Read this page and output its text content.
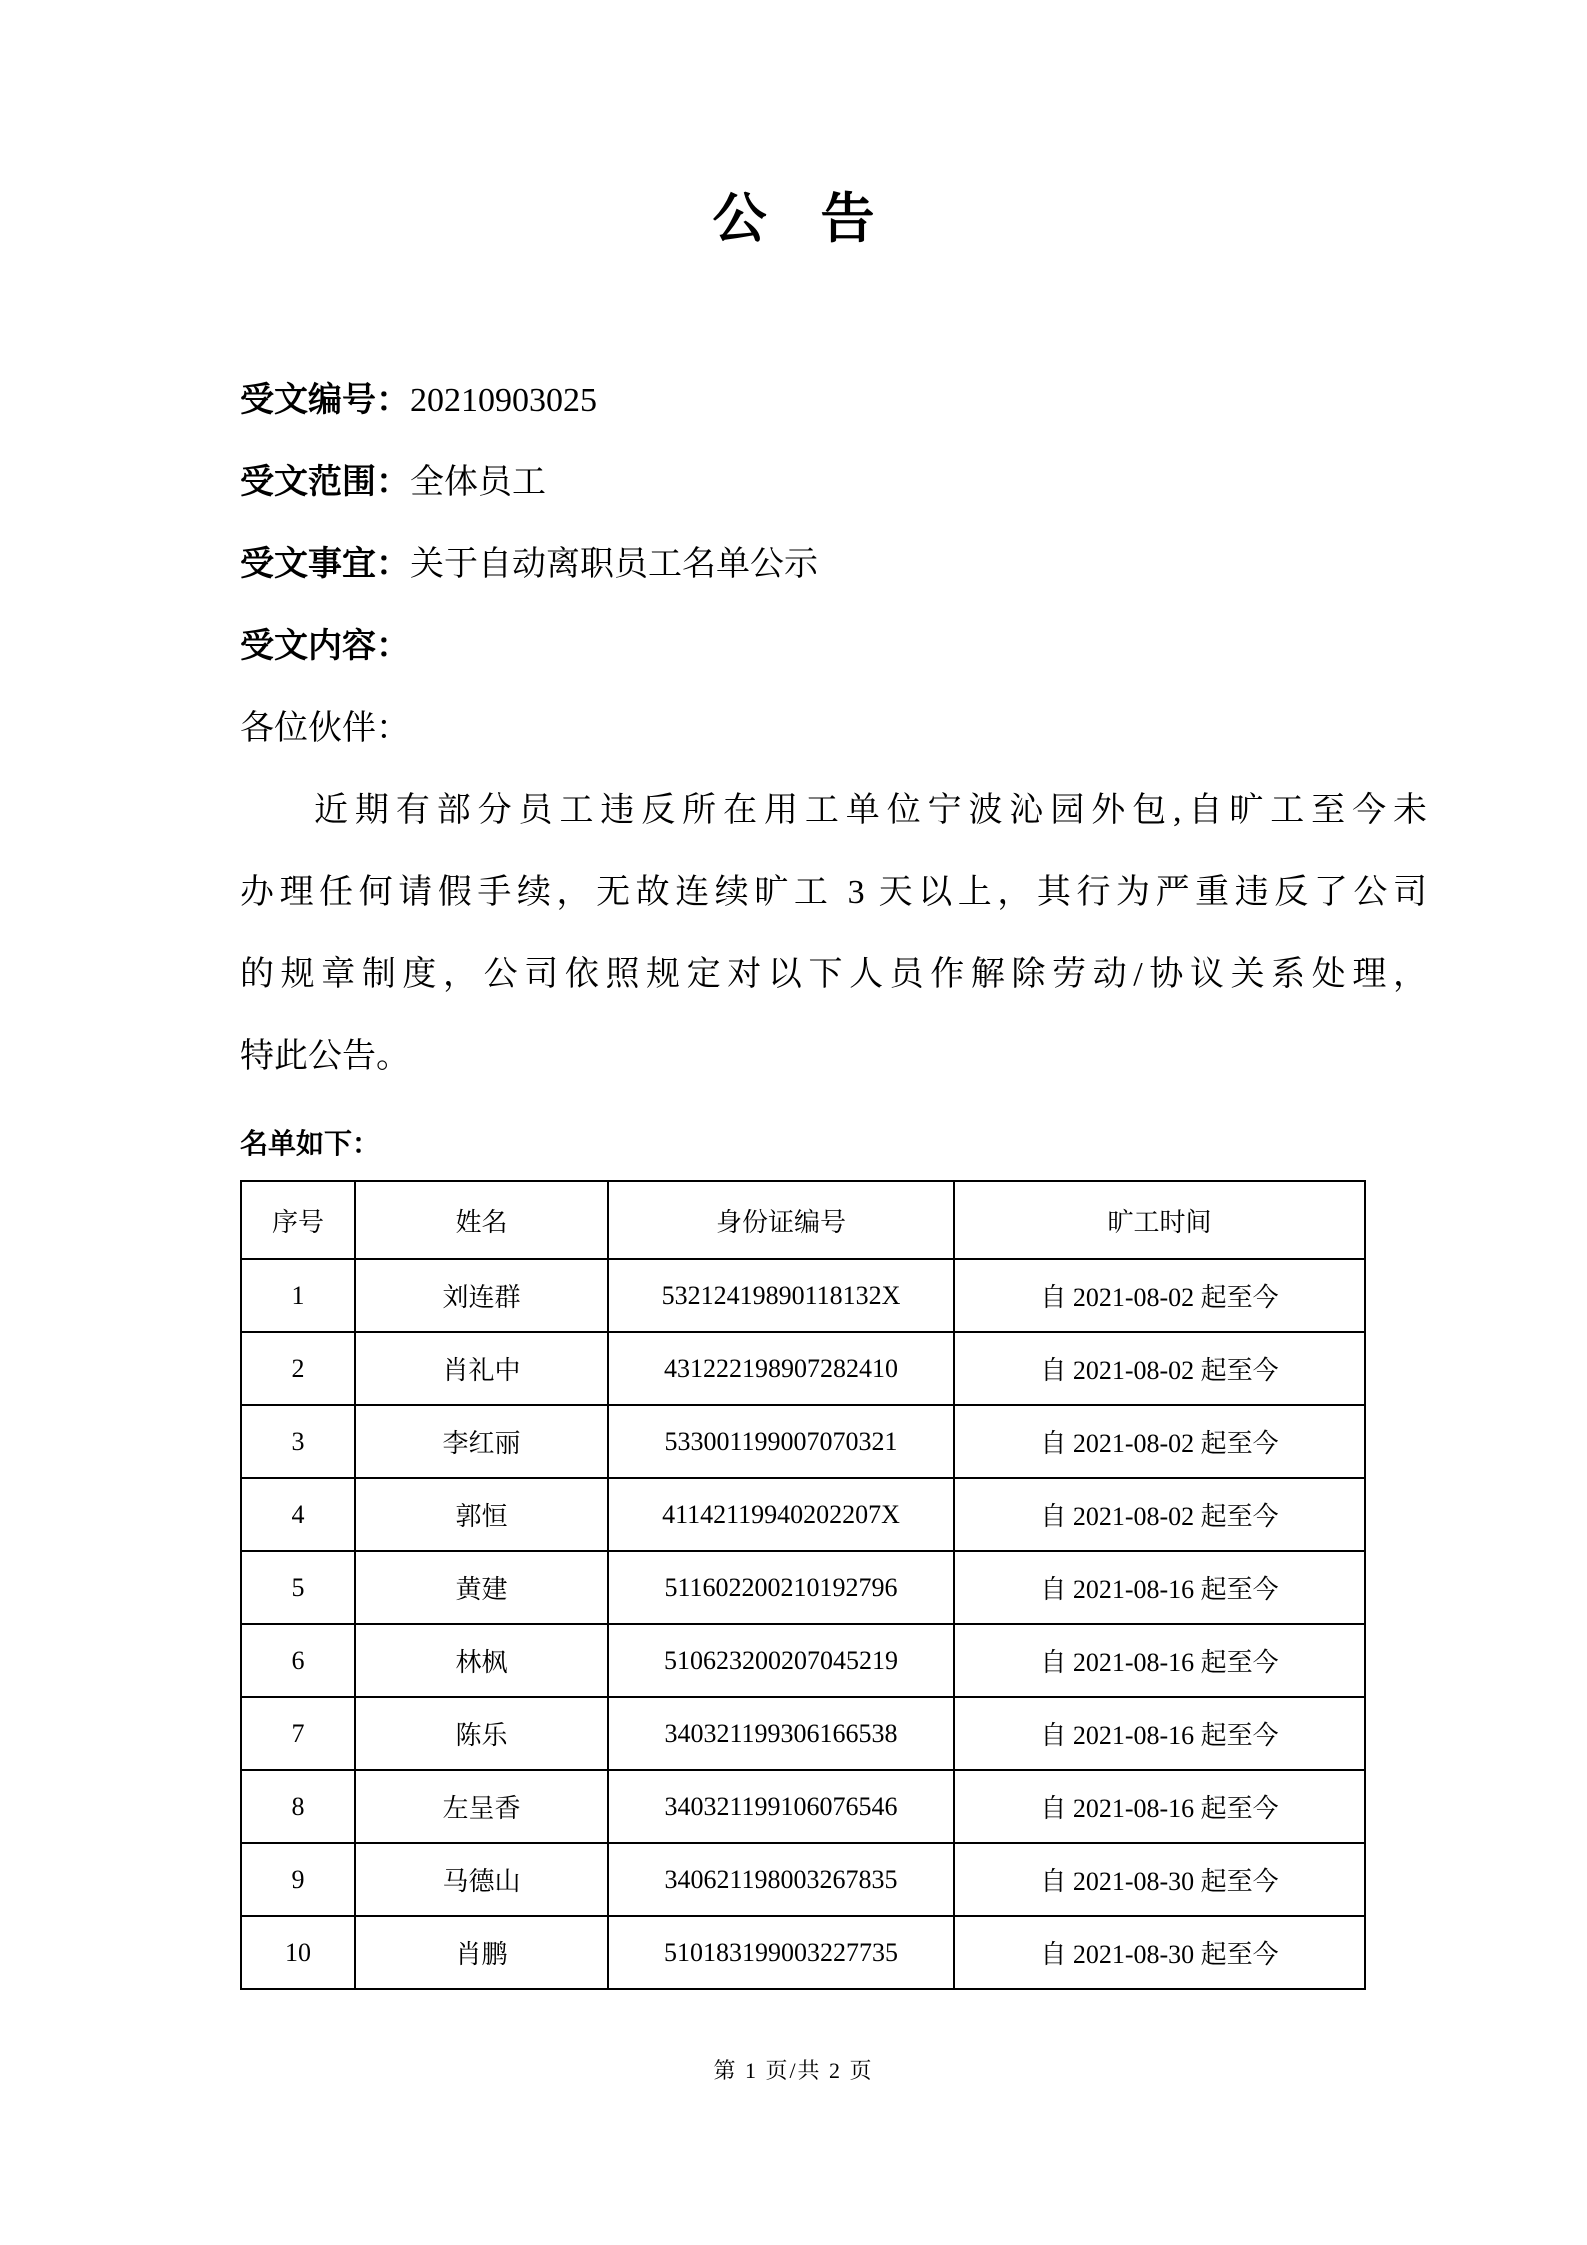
公　告
受文编号：20210903025
受文范围：全体员工
受文事宜：关于自动离职员工名单公示
受文内容：
各位伙伴：
近期有部分员工违反所在用工单位宁波沁园外包,自旷工至今未
办理任何请假手续，无故连续旷工 3 天以上，其行为严重违反了公司
的规章制度，公司依照规定对以下人员作解除劳动/协议关系处理，
特此公告。
名单如下：
序号	姓名	身份证编号	旷工时间
1	刘连群	53212419890118132X	自 2021-08-02 起至今
2	肖礼中	431222198907282410	自 2021-08-02 起至今
3	李红丽	533001199007070321	自 2021-08-02 起至今
4	郭恒	41142119940202207X	自 2021-08-02 起至今
5	黄建	511602200210192796	自 2021-08-16 起至今
6	林枫	510623200207045219	自 2021-08-16 起至今
7	陈乐	340321199306166538	自 2021-08-16 起至今
8	左呈香	340321199106076546	自 2021-08-16 起至今
9	马德山	340621198003267835	自 2021-08-30 起至今
10	肖鹏	510183199003227735	自 2021-08-30 起至今
第 1 页/共 2 页
